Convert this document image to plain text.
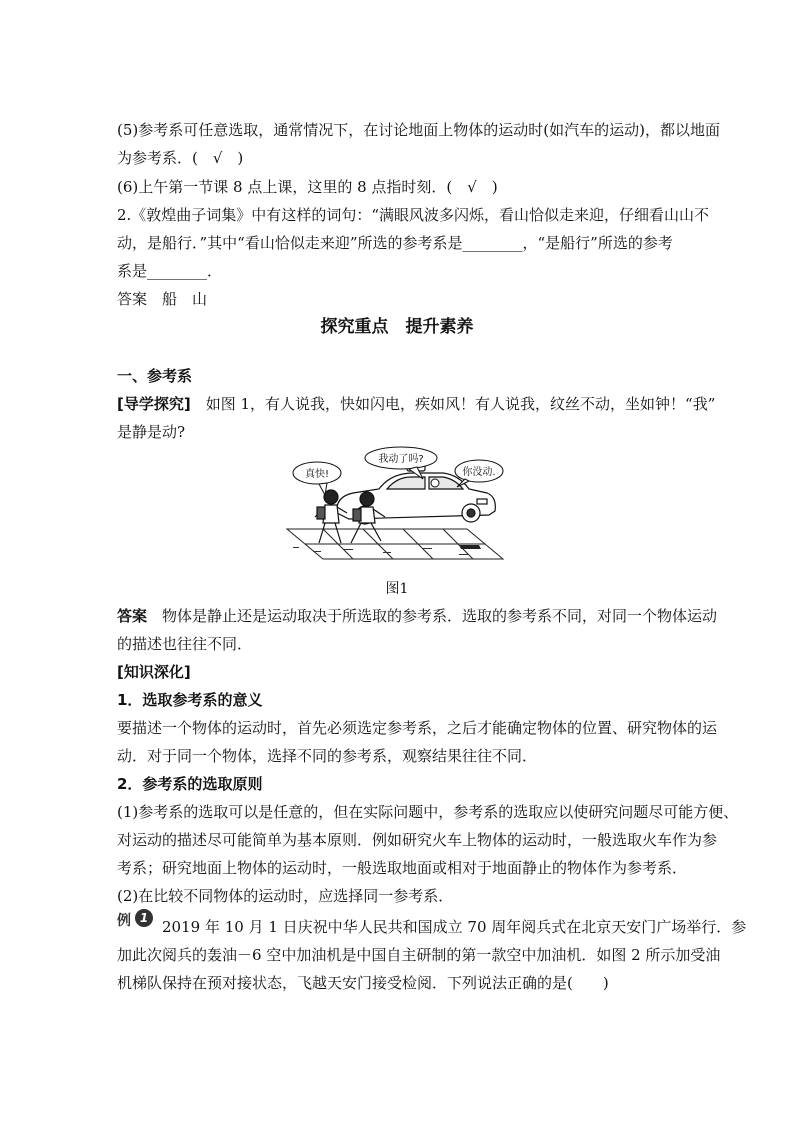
(5)参考系可任意选取，通常情况下，在讨论地面上物体的运动时(如汽车的运动)，都以地面
为参考系．(　√　)
(6)上午第一节课 8 点上课，这里的 8 点指时刻．(　√　)
2.《敦煌曲子词集》中有这样的词句：“满眼风波多闪烁，看山恰似走来迎，仔细看山山不
动，是船行．”其中“看山恰似走来迎”所选的参考系是________，“是船行”所选的参考
系是________．
答案　船　山
探究重点　提升素养
一、参考系
[导学探究]　如图 1，有人说我，快如闪电，疾如风！有人说我，纹丝不动，坐如钟！“我”
是静是动?
真快!
我动了吗?
你没动.
图1
答案　物体是静止还是运动取决于所选取的参考系．选取的参考系不同，对同一个物体运动
的描述也往往不同．
[知识深化]
1．选取参考系的意义
要描述一个物体的运动时，首先必须选定参考系，之后才能确定物体的位置、研究物体的运
动．对于同一个物体，选择不同的参考系，观察结果往往不同．
2．参考系的选取原则
(1)参考系的选取可以是任意的，但在实际问题中，参考系的选取应以使研究问题尽可能方便、
对运动的描述尽可能简单为基本原则．例如研究火车上物体的运动时，一般选取火车作为参
考系；研究地面上物体的运动时，一般选取地面或相对于地面静止的物体作为参考系．
(2)在比较不同物体的运动时，应选择同一参考系．
例 1 2019 年 10 月 1 日庆祝中华人民共和国成立 70 周年阅兵式在北京天安门广场举行．参
加此次阅兵的轰油－6 空中加油机是中国自主研制的第一款空中加油机．如图 2 所示加受油
机梯队保持在预对接状态，飞越天安门接受检阅．下列说法正确的是(　　)
